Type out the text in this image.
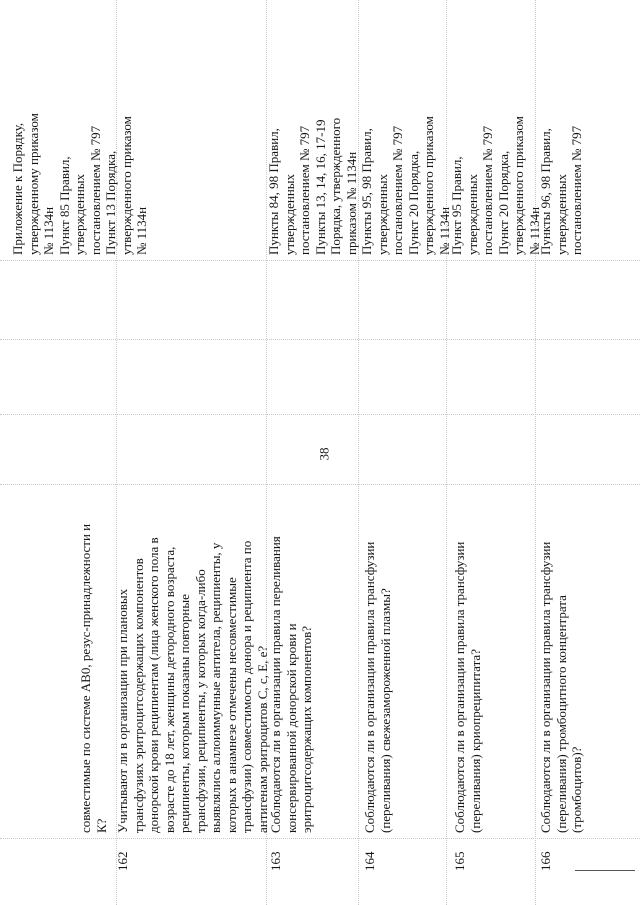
38
совместимые по системе АВ0, резус-принадлежности и К?
Приложение к Порядку, утвержденному приказом № 1134н Пункт 85 Правил, утвержденных постановлением № 797 Пункт 13 Порядка, утвержденного приказом № 1134н
162
Учитывают ли в организации при плановых трансфузиях эритроцитсодержащих компонентов донорской крови реципиентам (лица женского пола в возрасте до 18 лет, женщины детородного возраста, реципиенты, которым показаны повторные трансфузии, реципиенты, у которых когда-либо выявлялись аллоиммунные антитела, реципиенты, у которых в анамнезе отмечены несовместимые трансфузии) совместимость донора и реципиента по антигенам эритроцитов С, с, Е, е?
163
Соблюдаются ли в организации правила переливания консервированной донорской крови и эритроцитсодержащих компонентов?
Пункты 84, 98 Правил, утвержденных постановлением № 797 Пункты 13, 14, 16, 17-19 Порядка, утвержденного приказом № 1134н
164
Соблюдаются ли в организации правила трансфузии (переливания) свежезамороженной плазмы?
Пункты 95, 98 Правил, утвержденных постановлением № 797 Пункт 20 Порядка, утвержденного приказом № 1134н
165
Соблюдаются ли в организации правила трансфузии (переливания) криопреципитата?
Пункт 95 Правил, утвержденных постановлением № 797 Пункт 20 Порядка, утвержденного приказом № 1134н
166
Соблюдаются ли в организации правила трансфузии (переливания) тромбоцитного концентрата (тромбоцитов)?
Пункты 96, 98 Правил, утвержденных постановлением № 797
